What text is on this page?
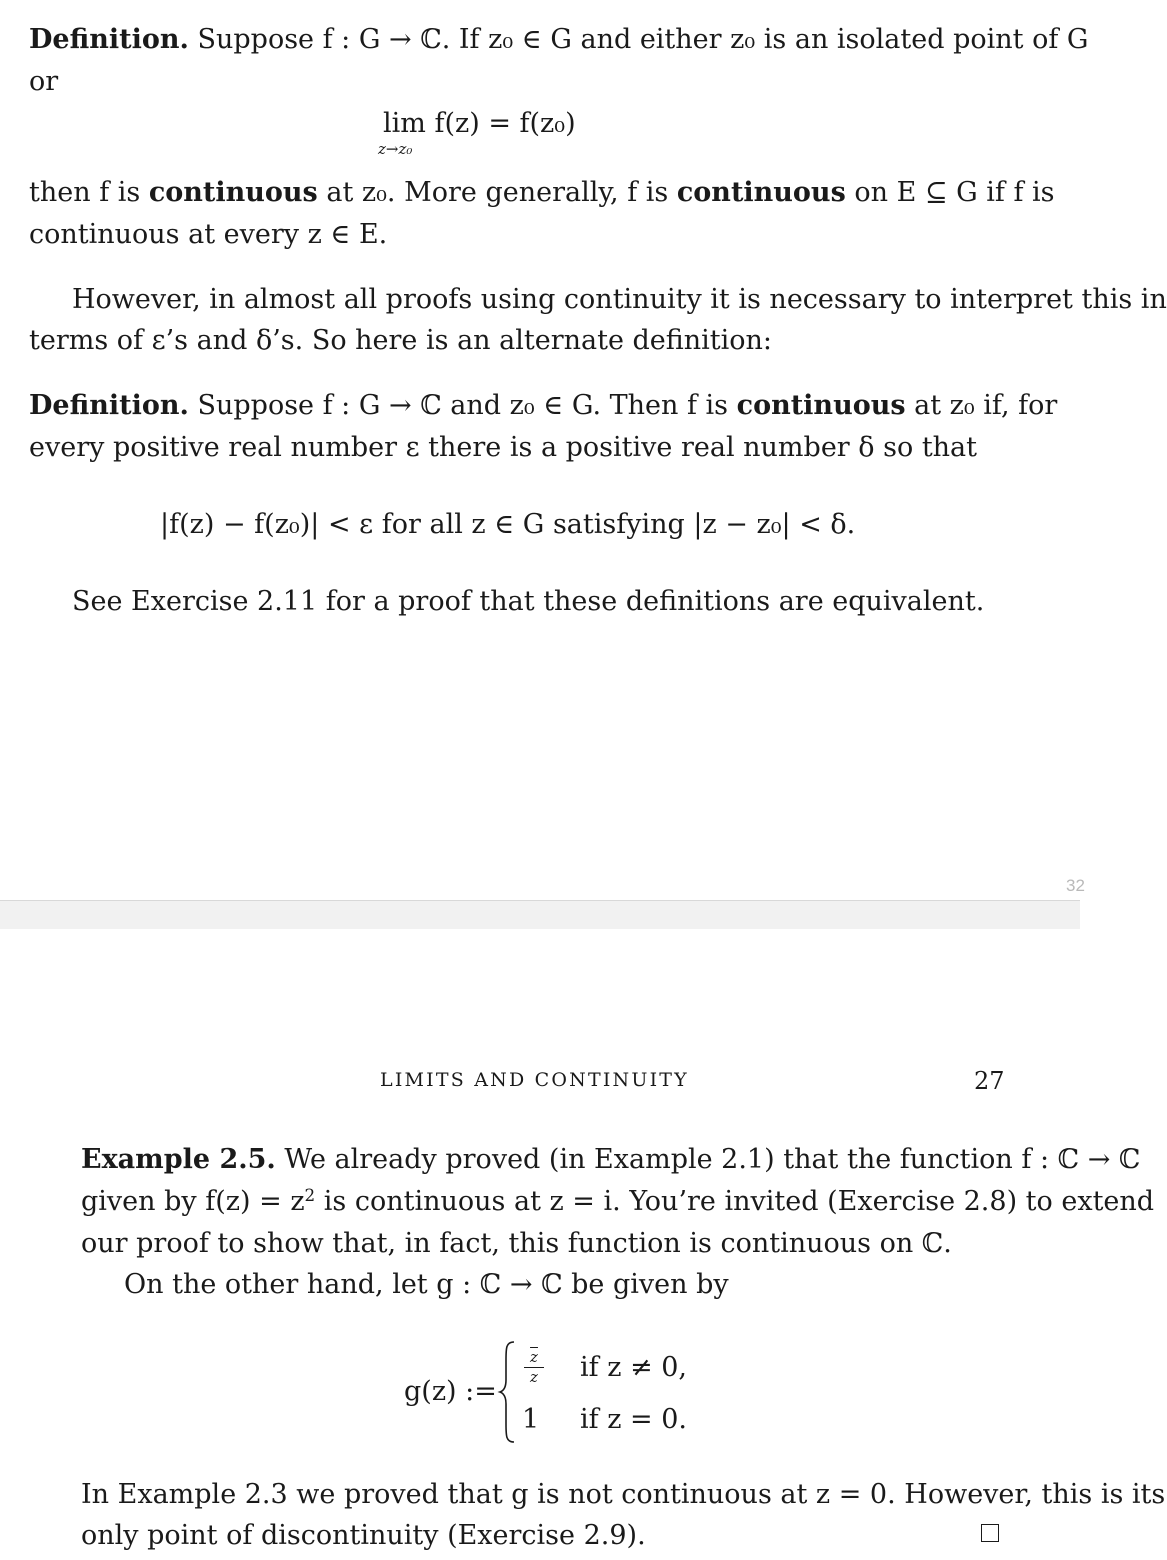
Definition. Suppose f : G → ℂ. If z₀ ∈ G and either z₀ is an isolated point of G
or
lim f(z) = f(z₀)
z→z₀
then f is continuous at z₀. More generally, f is continuous on E ⊆ G if f is
continuous at every z ∈ E.
However, in almost all proofs using continuity it is necessary to interpret this in
terms of ε’s and δ’s. So here is an alternate definition:
Definition. Suppose f : G → ℂ and z₀ ∈ G. Then f is continuous at z₀ if, for
every positive real number ε there is a positive real number δ so that
|f(z) − f(z₀)| < ε for all z ∈ G satisfying |z − z₀| < δ.
See Exercise 2.11 for a proof that these definitions are equivalent.
32
LIMITS AND CONTINUITY	27
Example 2.5. We already proved (in Example 2.1) that the function f : ℂ → ℂ
given by $f(z) = z^2$ is continuous at z = i. You’re invited (Exercise 2.8) to extend
our proof to show that, in fact, this function is continuous on ℂ.
On the other hand, let g : ℂ → ℂ be given by
g(z) :=
$\overline{z}$
z if z ≠ 0,
1 if z = 0.
In Example 2.3 we proved that g is not continuous at z = 0. However, this is its
only point of discontinuity (Exercise 2.9).
